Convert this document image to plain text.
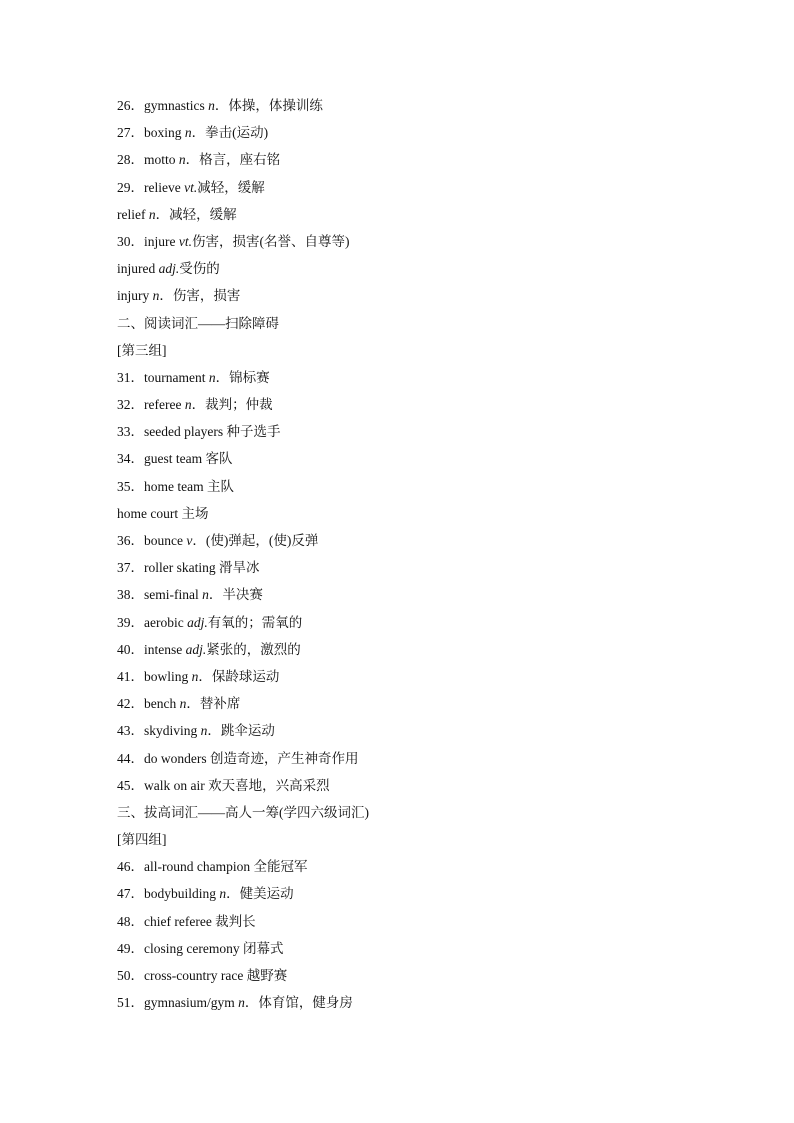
26．gymnastics n．体操，体操训练
27．boxing n．拳击(运动)
28．motto n．格言，座右铭
29．relieve vt.减轻，缓解
relief n．减轻，缓解
30．injure vt.伤害，损害(名誉、自尊等)
injured adj.受伤的
injury n．伤害，损害
二、阅读词汇——扫除障碍
[第三组]
31．tournament n．锦标赛
32．referee n．裁判；仲裁
33．seeded players 种子选手
34．guest team 客队
35．home team 主队
home court 主场
36．bounce v．(使)弹起，(使)反弹
37．roller skating 滑旱冰
38．semi-final n．半决赛
39．aerobic adj.有氧的；需氧的
40．intense adj.紧张的，激烈的
41．bowling n．保龄球运动
42．bench n．替补席
43．skydiving n．跳伞运动
44．do wonders 创造奇迹，产生神奇作用
45．walk on air 欢天喜地，兴高采烈
三、拔高词汇——高人一筹(学四六级词汇)
[第四组]
46．all-round champion 全能冠军
47．bodybuilding n．健美运动
48．chief referee 裁判长
49．closing ceremony 闭幕式
50．cross-country race 越野赛
51．gymnasium/gym n．体育馆，健身房
